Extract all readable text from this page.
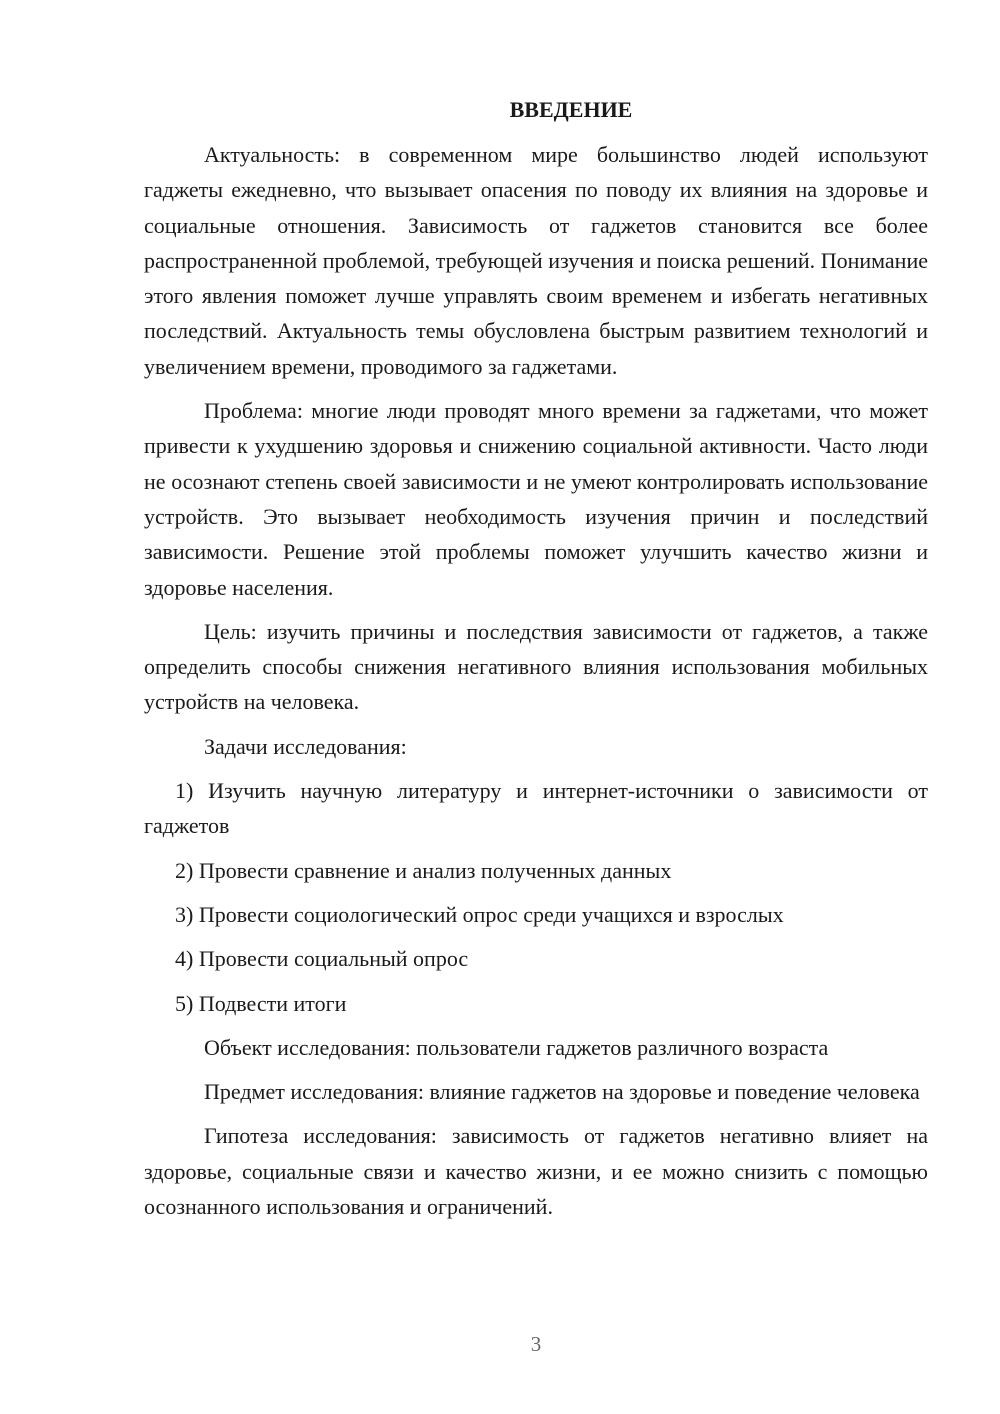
ВВЕДЕНИЕ

Актуальность: в современном мире большинство людей используют гаджеты ежедневно, что вызывает опасения по поводу их влияния на здоровье и социальные отношения. Зависимость от гаджетов становится все более распространенной проблемой, требующей изучения и поиска решений. Понимание этого явления поможет лучше управлять своим временем и избегать негативных последствий. Актуальность темы обусловлена быстрым развитием технологий и увеличением времени, проводимого за гаджетами.

Проблема: многие люди проводят много времени за гаджетами, что может привести к ухудшению здоровья и снижению социальной активности. Часто люди не осознают степень своей зависимости и не умеют контролировать использование устройств. Это вызывает необходимость изучения причин и последствий зависимости. Решение этой проблемы поможет улучшить качество жизни и здоровье населения.

Цель: изучить причины и последствия зависимости от гаджетов, а также определить способы снижения негативного влияния использования мобильных устройств на человека.

Задачи исследования:

1) Изучить научную литературу и интернет-источники о зависимости от гаджетов

2) Провести сравнение и анализ полученных данных

3) Провести социологический опрос среди учащихся и взрослых

4) Провести социальный опрос

5) Подвести итоги

Объект исследования: пользователи гаджетов различного возраста

Предмет исследования: влияние гаджетов на здоровье и поведение человека

Гипотеза исследования: зависимость от гаджетов негативно влияет на здоровье, социальные связи и качество жизни, и ее можно снизить с помощью осознанного использования и ограничений.

3
